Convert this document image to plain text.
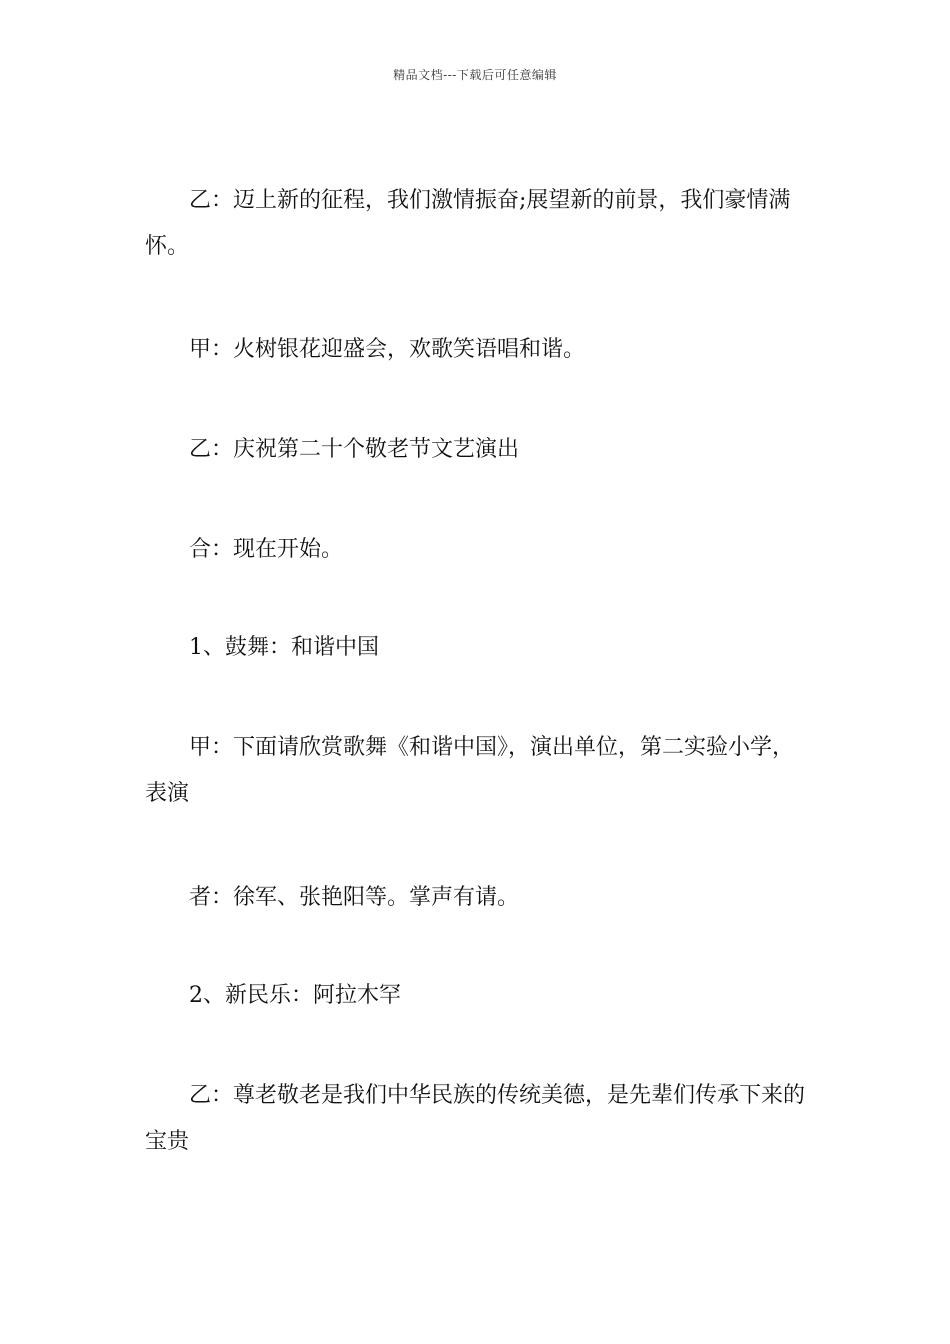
精品文档---下载后可任意编辑

乙：迈上新的征程，我们激情振奋;展望新的前景，我们豪情满怀。

甲：火树银花迎盛会，欢歌笑语唱和谐。

乙：庆祝第二十个敬老节文艺演出

合：现在开始。

1、鼓舞：和谐中国

甲：下面请欣赏歌舞《和谐中国》，演出单位，第二实验小学，表演

者：徐军、张艳阳等。掌声有请。

2、新民乐：阿拉木罕

乙：尊老敬老是我们中华民族的传统美德，是先辈们传承下来的宝贵
